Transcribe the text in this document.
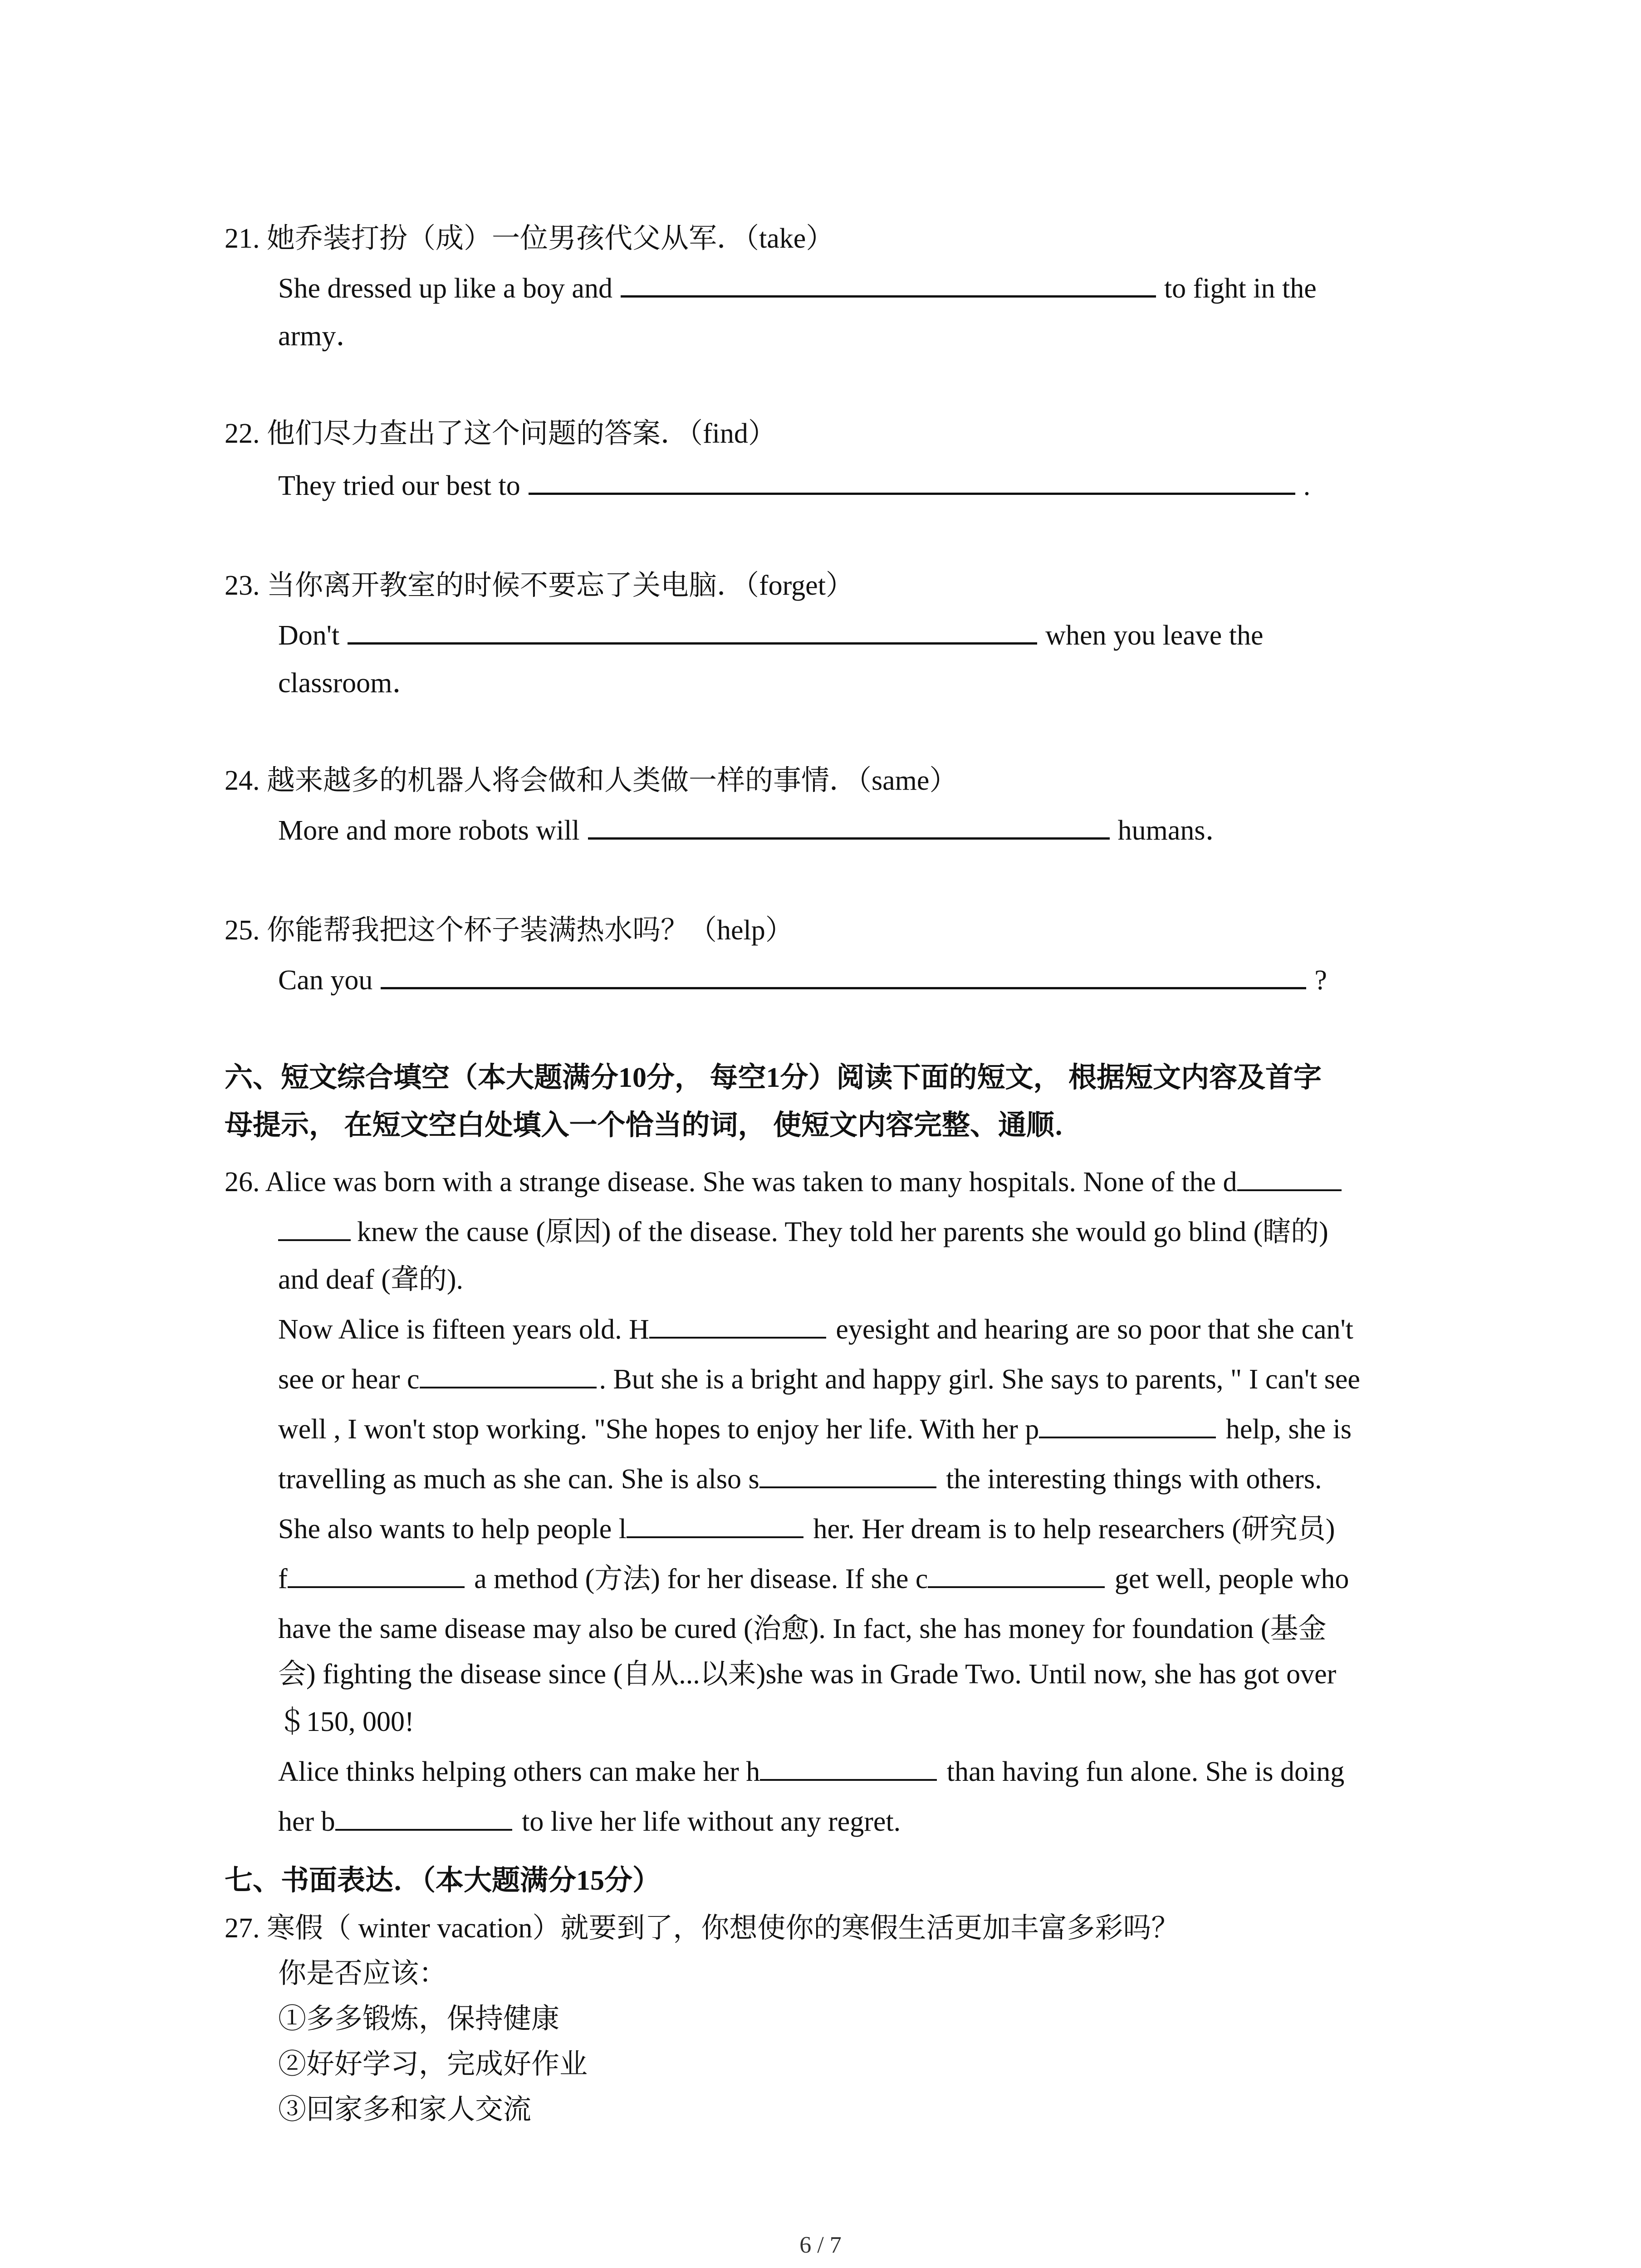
21. 她乔装打扮（成）一位男孩代父从军．（take）
She dressed up like a boy and	to fight in the
army．
22. 他们尽力查出了这个问题的答案．（find）
They tried our best to	.
23. 当你离开教室的时候不要忘了关电脑．（forget）
Don't	when you leave the
classroom．
24. 越来越多的机器人将会做和人类做一样的事情．（same）
More and more robots will	humans．
25. 你能帮我把这个杯子装满热水吗？（help）
Can you	?
六、短文综合填空（本大题满分10分， 每空1分）阅读下面的短文， 根据短文内容及首字
母提示， 在短文空白处填入一个恰当的词， 使短文内容完整、通顺．
26. Alice was born with a strange disease. She was taken to many hospitals. None of the d
knew the cause (原因) of the disease. They told her parents she would go blind (瞎的)
and deaf (聋的).
Now Alice is fifteen years old. H	eyesight and hearing are so poor that she can't
see or hear c	. But she is a bright and happy girl. She says to parents, " I can't see
well , I won't stop working. "She hopes to enjoy her life. With her p	help, she is
travelling as much as she can. She is also s	the interesting things with others.
She also wants to help people l	her. Her dream is to help researchers (研究员)
f	a method (方法) for her disease. If she c	get well, people who
have the same disease may also be cured (治愈). In fact, she has money for foundation (基金
会) fighting the disease since (自从...以来)she was in Grade Two. Until now, she has got over
＄150, 000!
Alice thinks helping others can make her h	than having fun alone. She is doing
her b	to live her life without any regret.
七、书面表达．（本大题满分15分）
27. 寒假（ winter vacation）就要到了，你想使你的寒假生活更加丰富多彩吗？
你是否应该：
①多多锻炼，保持健康
②好好学习，完成好作业
③回家多和家人交流
6 / 7
